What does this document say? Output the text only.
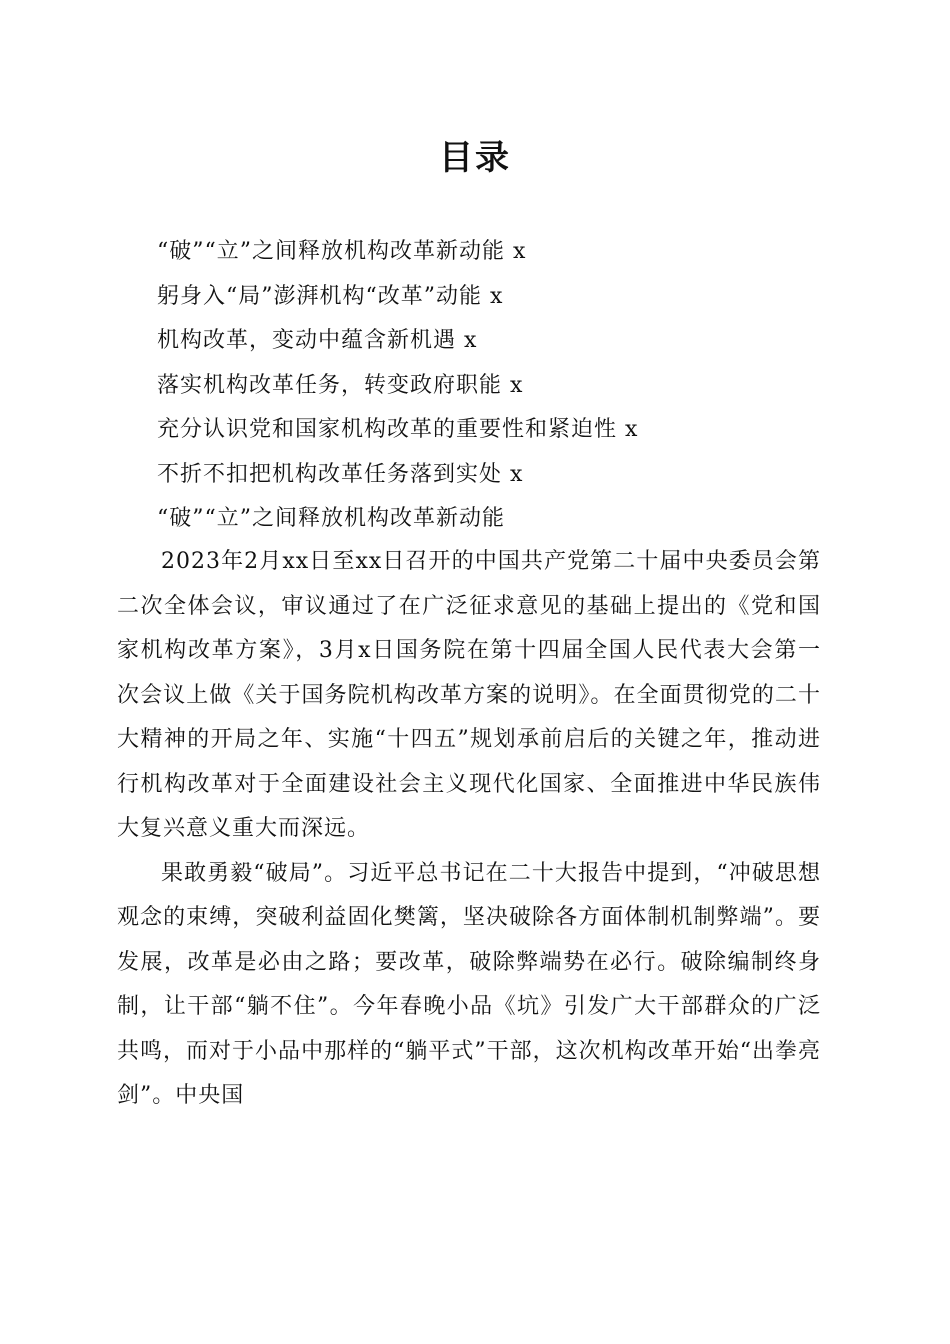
目录
“破”“立”之间释放机构改革新动能 x
躬身入“局”澎湃机构“改革”动能 x
机构改革，变动中蕴含新机遇 x
落实机构改革任务，转变政府职能 x
充分认识党和国家机构改革的重要性和紧迫性 x
不折不扣把机构改革任务落到实处 x
“破”“立”之间释放机构改革新动能

2023年2月xx日至xx日召开的中国共产党第二十届中央委员会第二次全体会议，审议通过了在广泛征求意见的基础上提出的《党和国家机构改革方案》，3月x日国务院在第十四届全国人民代表大会第一次会议上做《关于国务院机构改革方案的说明》。在全面贯彻党的二十大精神的开局之年、实施“十四五”规划承前启后的关键之年，推动进行机构改革对于全面建设社会主义现代化国家、全面推进中华民族伟大复兴意义重大而深远。

果敢勇毅“破局”。习近平总书记在二十大报告中提到，“冲破思想观念的束缚，突破利益固化樊篱，坚决破除各方面体制机制弊端”。要发展，改革是必由之路；要改革，破除弊端势在必行。破除编制终身制，让干部“躺不住”。今年春晚小品《坑》引发广大干部群众的广泛共鸣，而对于小品中那样的“躺平式”干部，这次机构改革开始“出拳亮剑”。中央国
